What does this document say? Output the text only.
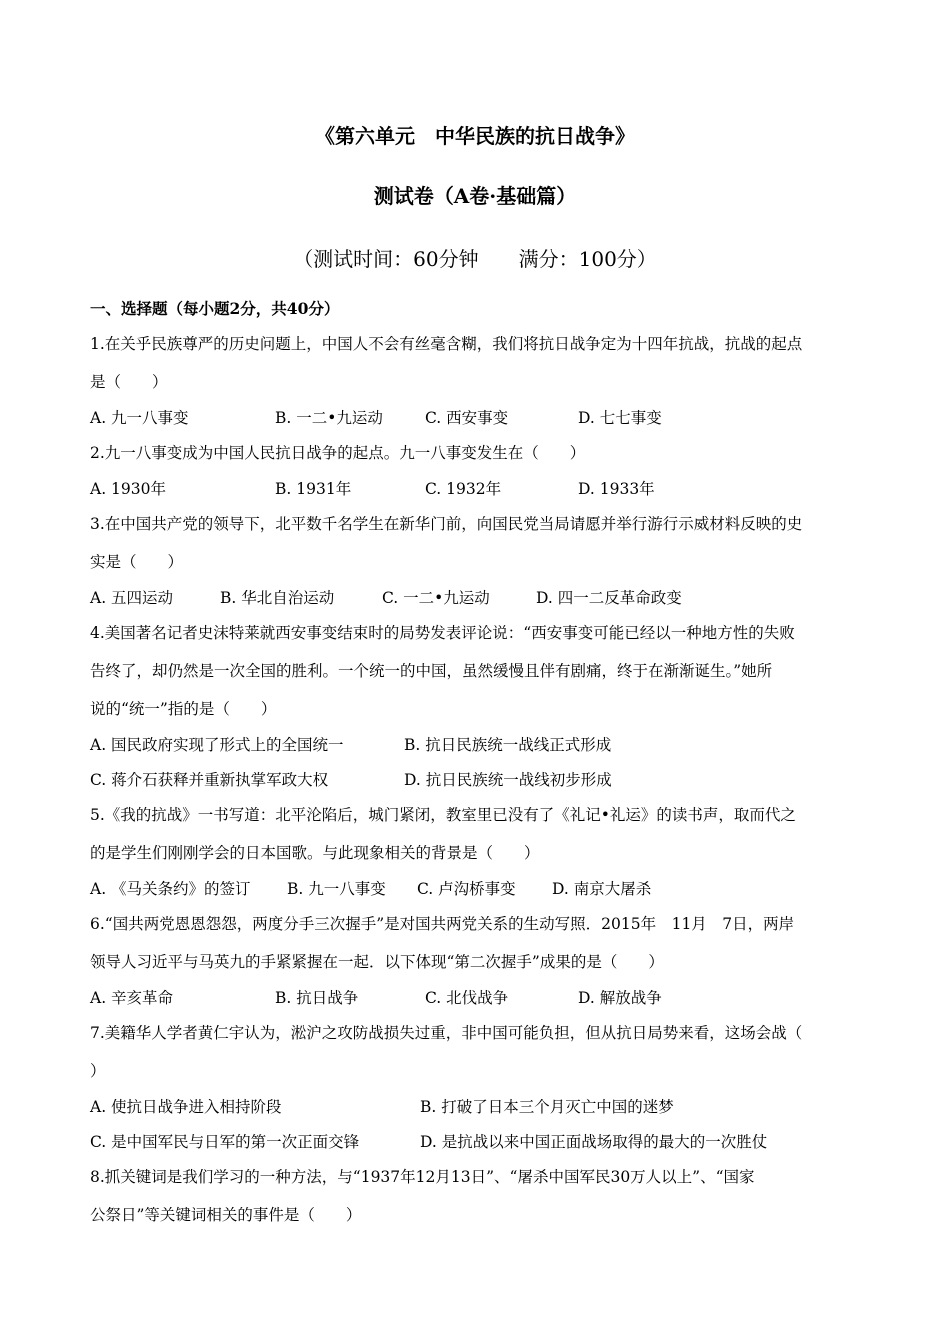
《第六单元　中华民族的抗日战争》
测试卷（A卷·基础篇）
（测试时间：60分钟　　满分：100分）
一、选择题（每小题2分，共40分）
1.在关乎民族尊严的历史问题上，中国人不会有丝毫含糊，我们将抗日战争定为十四年抗战，抗战的起点
是（　　）
A. 九一八事变	B. 一二•九运动	C. 西安事变	D. 七七事变
2.九一八事变成为中国人民抗日战争的起点。九一八事变发生在（　　）
A. 1930年	B. 1931年	C. 1932年	D. 1933年
3.在中国共产党的领导下，北平数千名学生在新华门前，向国民党当局请愿并举行游行示威材料反映的史
实是（　　）
A. 五四运动	B. 华北自治运动	C. 一二•九运动	D. 四一二反革命政变
4.美国著名记者史沫特莱就西安事变结束时的局势发表评论说：“西安事变可能已经以一种地方性的失败
告终了，却仍然是一次全国的胜利。一个统一的中国，虽然缓慢且伴有剧痛，终于在渐渐诞生。”她所
说的“统一”指的是（　　）
A. 国民政府实现了形式上的全国统一	B. 抗日民族统一战线正式形成
C. 蒋介石获释并重新执掌军政大权	D. 抗日民族统一战线初步形成
5.《我的抗战》一书写道：北平沦陷后，城门紧闭，教室里已没有了《礼记•礼运》的读书声，取而代之
的是学生们刚刚学会的日本国歌。与此现象相关的背景是（　　）
A. 《马关条约》的签订 B. 九一八事变 C. 卢沟桥事变 D. 南京大屠杀
6.“国共两党恩恩怨怨，两度分手三次握手”是对国共两党关系的生动写照．2015年　11月　7日，两岸
领导人习近平与马英九的手紧紧握在一起．以下体现“第二次握手”成果的是（　　）
A. 辛亥革命	B. 抗日战争	C. 北伐战争	D. 解放战争
7.美籍华人学者黄仁宇认为，淞沪之攻防战损失过重，非中国可能负担，但从抗日局势来看，这场会战（
）
A. 使抗日战争进入相持阶段	B. 打破了日本三个月灭亡中国的迷梦
C. 是中国军民与日军的第一次正面交锋	D. 是抗战以来中国正面战场取得的最大的一次胜仗
8.抓关键词是我们学习的一种方法，与“1937年12月13日”、“屠杀中国军民30万人以上”、“国家
公祭日”等关键词相关的事件是（　　）
